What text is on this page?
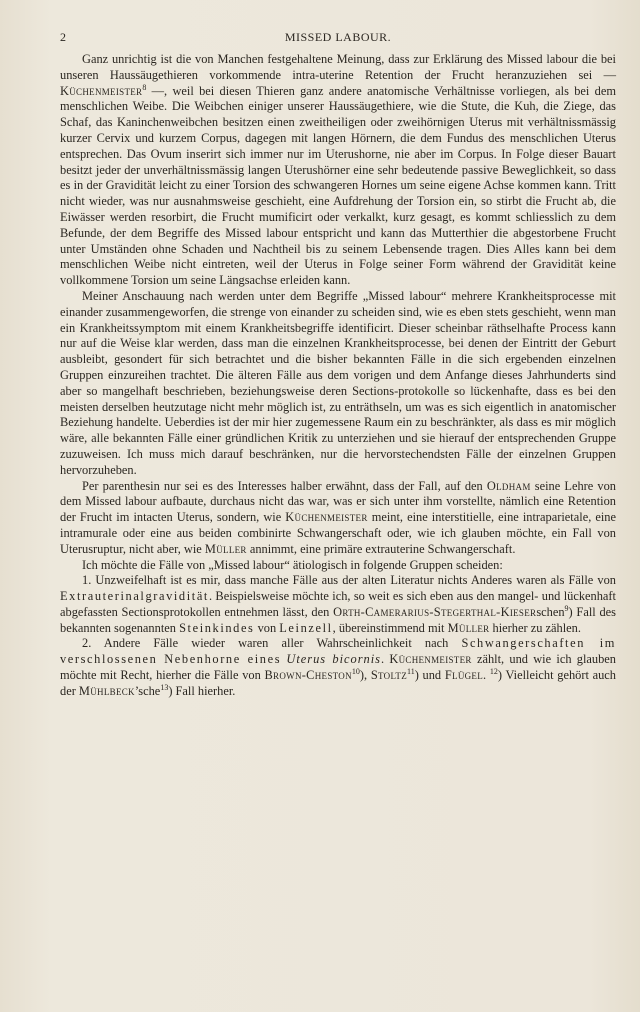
2	MISSED LABOUR.

Ganz unrichtig ist die von Manchen festgehaltene Meinung, dass zur Erklärung des Missed labour die bei unseren Haussäugethieren vorkommende intra-uterine Retention der Frucht heranzuziehen sei — Küchenmeister$^8$ —, weil bei diesen Thieren ganz andere anatomische Verhältnisse vorliegen, als bei dem menschlichen Weibe. Die Weibchen einiger unserer Haussäugethiere, wie die Stute, die Kuh, die Ziege, das Schaf, das Kaninchenweibchen besitzen einen zweitheiligen oder zweihörnigen Uterus mit verhältnissmässig kurzer Cervix und kurzem Corpus, dagegen mit langen Hörnern, die dem Fundus des menschlichen Uterus entsprechen. Das Ovum inserirt sich immer nur im Uterushorne, nie aber im Corpus. In Folge dieser Bauart besitzt jeder der unverhältnissmässig langen Uterushörner eine sehr bedeutende passive Beweglichkeit, so dass es in der Gravidität leicht zu einer Torsion des schwangeren Hornes um seine eigene Achse kommen kann. Tritt nicht wieder, was nur ausnahmsweise geschieht, eine Aufdrehung der Torsion ein, so stirbt die Frucht ab, die Eiwässer werden resorbirt, die Frucht mumificirt oder verkalkt, kurz gesagt, es kommt schliesslich zu dem Befunde, der dem Begriffe des Missed labour entspricht und kann das Mutterthier die abgestorbene Frucht unter Umständen ohne Schaden und Nachtheil bis zu seinem Lebensende tragen. Dies Alles kann bei dem menschlichen Weibe nicht eintreten, weil der Uterus in Folge seiner Form während der Gravidität keine vollkommene Torsion um seine Längsachse erleiden kann.

Meiner Anschauung nach werden unter dem Begriffe „Missed labour“ mehrere Krankheitsprocesse mit einander zusammengeworfen, die strenge von einander zu scheiden sind, wie es eben stets geschieht, wenn man ein Krankheitssymptom mit einem Krankheitsbegriffe identificirt. Dieser scheinbar räthselhafte Process kann nur auf die Weise klar werden, dass man die einzelnen Krankheitsprocesse, bei denen der Eintritt der Geburt ausbleibt, gesondert für sich betrachtet und die bisher bekannten Fälle in die sich ergebenden einzelnen Gruppen einzureihen trachtet. Die älteren Fälle aus dem vorigen und dem Anfange dieses Jahrhunderts sind aber so mangelhaft beschrieben, beziehungsweise deren Sections-protokolle so lückenhafte, dass es bei den meisten derselben heutzutage nicht mehr möglich ist, zu enträthseln, um was es sich eigentlich in anatomischer Beziehung handelte. Ueberdies ist der mir hier zugemessene Raum ein zu beschränkter, als dass es mir möglich wäre, alle bekannten Fälle einer gründlichen Kritik zu unterziehen und sie hierauf der entsprechenden Gruppe zuzuweisen. Ich muss mich darauf beschränken, nur die hervorstechendsten Fälle der einzelnen Gruppen hervorzuheben.

Per parenthesin nur sei es des Interesses halber erwähnt, dass der Fall, auf den Oldham seine Lehre von dem Missed labour aufbaute, durchaus nicht das war, was er sich unter ihm vorstellte, nämlich eine Retention der Frucht im intacten Uterus, sondern, wie Küchenmeister meint, eine interstitielle, eine intraparietale, eine intramurale oder eine aus beiden combinirte Schwangerschaft oder, wie ich glauben möchte, ein Fall von Uterusruptur, nicht aber, wie Müller annimmt, eine primäre extrauterine Schwangerschaft.

Ich möchte die Fälle von „Missed labour“ ätiologisch in folgende Gruppen scheiden:

1. Unzweifelhaft ist es mir, dass manche Fälle aus der alten Literatur nichts Anderes waren als Fälle von Extrauterinalgravidität. Beispielsweise möchte ich, so weit es sich eben aus den mangel- und lückenhaft abgefassten Sectionsprotokollen entnehmen lässt, den Orth-Camerarius-Stegerthal-Kieserschen$^9$) Fall des bekannten sogenannten Steinkindes von Leinzell, übereinstimmend mit Müller hierher zu zählen.

2. Andere Fälle wieder waren aller Wahrscheinlichkeit nach Schwangerschaften im verschlossenen Nebenhorne eines Uterus bicornis. Küchenmeister zählt, und wie ich glauben möchte mit Recht, hierher die Fälle von Brown-Cheston$^{10}$), Stoltz$^{11}$) und Flügel. $^{12}$) Vielleicht gehört auch der Mühlbeck’sche$^{13}$) Fall hierher.
